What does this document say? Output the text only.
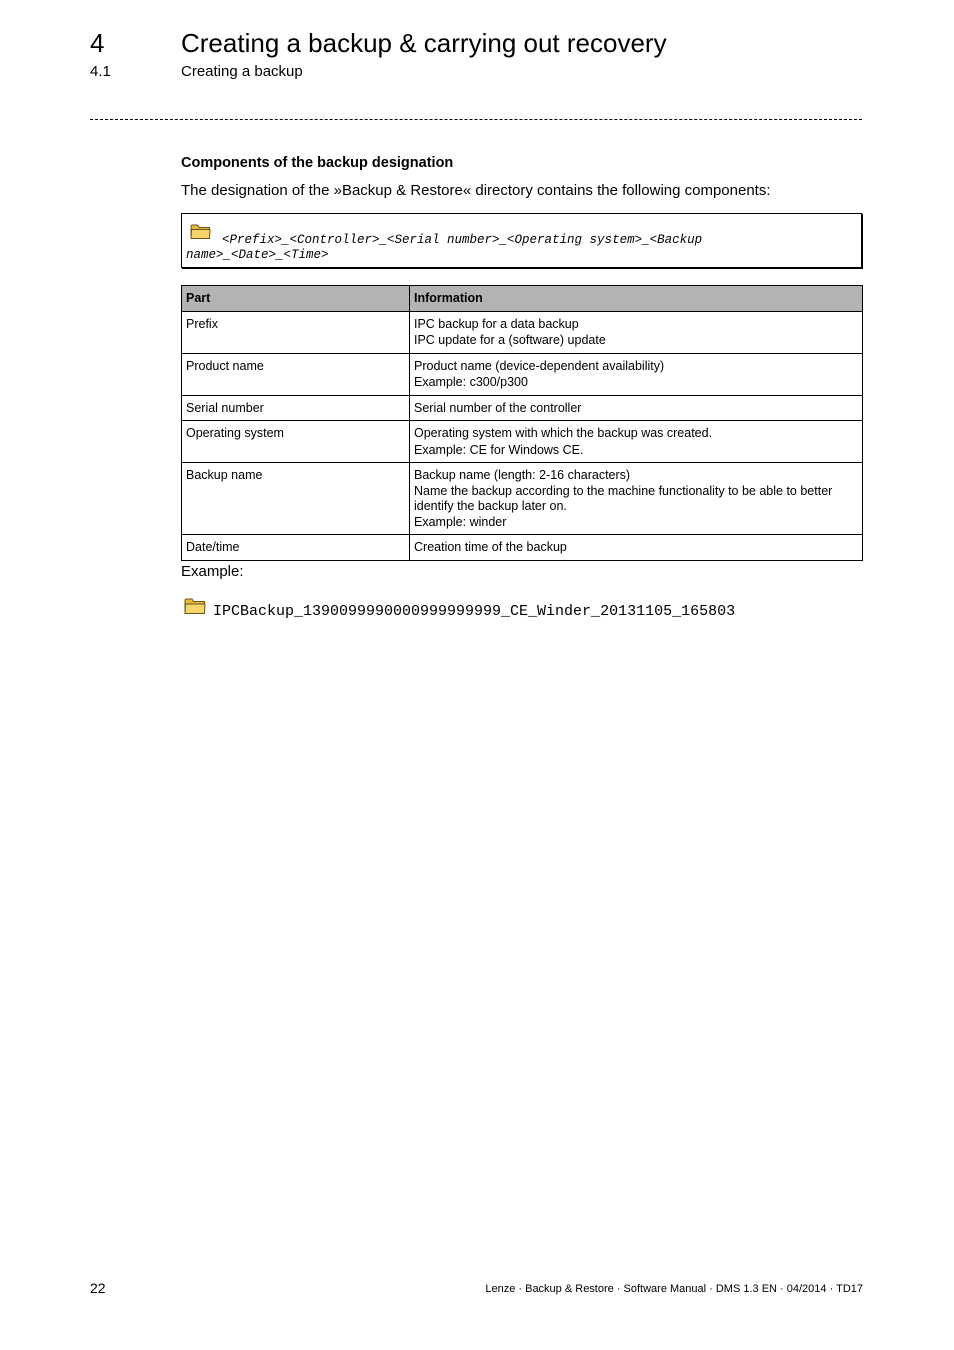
4	Creating a backup & carrying out recovery
4.1	Creating a backup
Components of the backup designation
The designation of the »Backup & Restore« directory contains the following components:
<Prefix>_<Controller>_<Serial number>_<Operating system>_<Backup name>_<Date>_<Time>
Part	Information
Prefix	IPC backup for a data backup
IPC update for a (software) update

Product name	Product name (device-dependent availability)
Example: c300/p300

Serial number	Serial number of the controller

Operating system	Operating system with which the backup was created.
Example: CE for Windows CE.

Backup name	Backup name (length: 2-16 characters)
Name the backup according to the machine functionality to be able to better identify the backup later on.
Example: winder

Date/time	Creation time of the backup
Example:
IPCBackup_1390099990000999999999_CE_Winder_20131105_165803
22	Lenze · Backup & Restore · Software Manual · DMS 1.3 EN · 04/2014 · TD17
